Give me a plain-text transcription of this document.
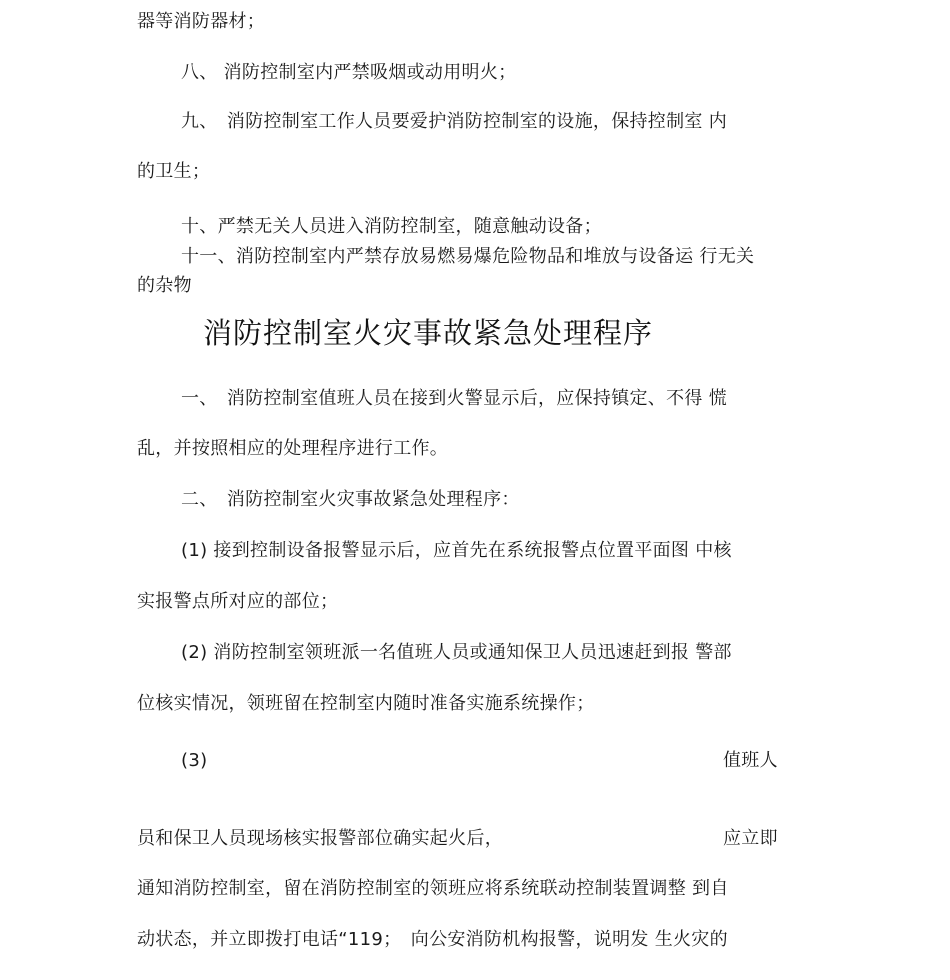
器等消防器材；
八、 消防控制室内严禁吸烟或动用明火；
九、　消防控制室工作人员要爱护消防控制室的设施，保持控制室 内
的卫生；
十、严禁无关人员进入消防控制室，随意触动设备；
十一、消防控制室内严禁存放易燃易爆危险物品和堆放与设备运 行无关
的杂物
消防控制室火灾事故紧急处理程序
一、　消防控制室值班人员在接到火警显示后，应保持镇定、不得 慌
乱，并按照相应的处理程序进行工作。
二、　消防控制室火灾事故紧急处理程序：
(1) 接到控制设备报警显示后，应首先在系统报警点位置平面图 中核
实报警点所对应的部位；
(2) 消防控制室领班派一名值班人员或通知保卫人员迅速赶到报 警部
位核实情况，领班留在控制室内随时准备实施系统操作；
(3)	值班人
员和保卫人员现场核实报警部位确实起火后，	应立即
通知消防控制室，留在消防控制室的领班应将系统联动控制装置调整 到自
动状态，并立即拨打电话“119；　向公安消防机构报警，说明发 生火灾的
